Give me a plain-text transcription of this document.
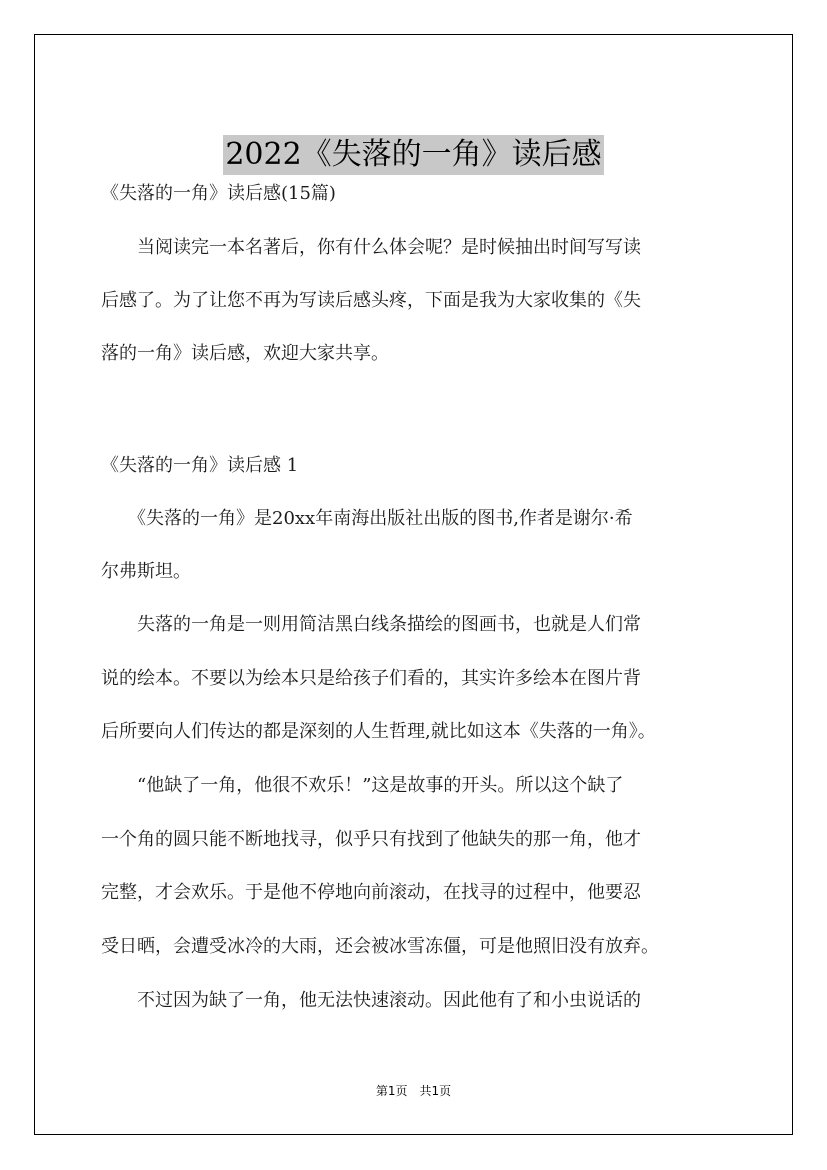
2022《失落的一角》读后感
《失落的一角》读后感(15篇)
　　当阅读完一本名著后，你有什么体会呢？是时候抽出时间写写读
后感了。为了让您不再为写读后感头疼，下面是我为大家收集的《失
落的一角》读后感，欢迎大家共享。
《失落的一角》读后感 1
　　《失落的一角》是20xx年南海出版社出版的图书,作者是谢尔·希
尔弗斯坦。
　　失落的一角是一则用简洁黑白线条描绘的图画书，也就是人们常
说的绘本。不要以为绘本只是给孩子们看的，其实许多绘本在图片背
后所要向人们传达的都是深刻的人生哲理,就比如这本《失落的一角》。
　　“他缺了一角，他很不欢乐！”这是故事的开头。所以这个缺了
一个角的圆只能不断地找寻，似乎只有找到了他缺失的那一角，他才
完整，才会欢乐。于是他不停地向前滚动，在找寻的过程中，他要忍
受日晒，会遭受冰冷的大雨，还会被冰雪冻僵，可是他照旧没有放弃。
　　不过因为缺了一角，他无法快速滚动。因此他有了和小虫说话的
第1页　共1页
